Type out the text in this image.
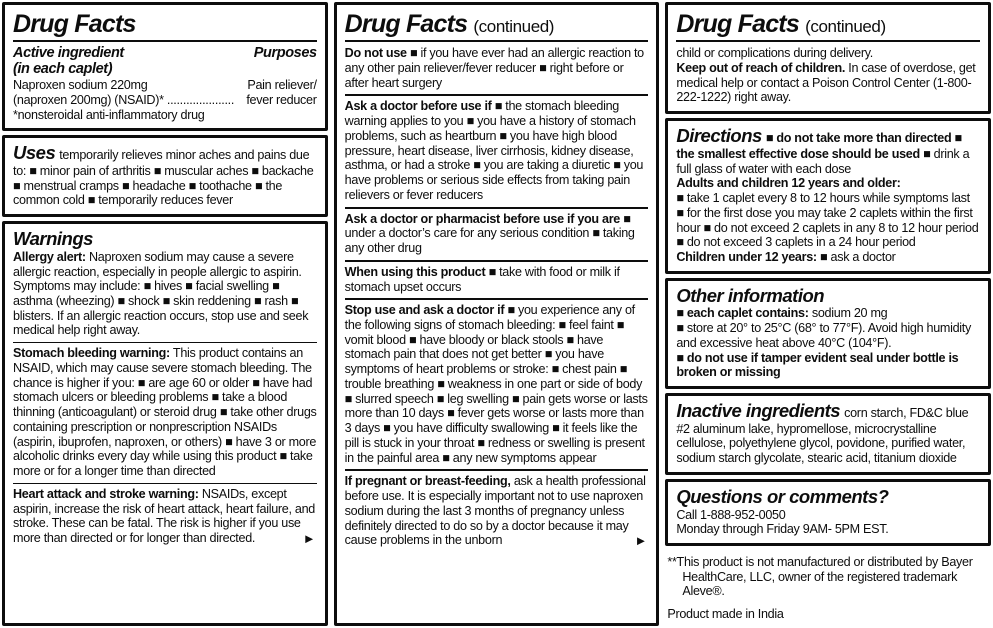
Drug Facts
Active ingredient
(in each caplet)
Purposes
Naproxen sodium 220mg	Pain reliever/
(naproxen 200mg) (NSAID)* ..................... fever reducer
*nonsteroidal anti-inflammatory drug
Uses temporarily relieves minor aches and pains due to: ■ minor pain of arthritis ■ muscular aches ■ backache ■ menstrual cramps ■ headache ■ toothache ■ the common cold ■ temporarily reduces fever
Warnings
Allergy alert: Naproxen sodium may cause a severe allergic reaction, especially in people allergic to aspirin. Symptoms may include: ■ hives ■ facial swelling ■ asthma (wheezing) ■ shock ■ skin reddening ■ rash ■ blisters. If an allergic reaction occurs, stop use and seek medical help right away.
Stomach bleeding warning: This product contains an NSAID, which may cause severe stomach bleeding. The chance is higher if you: ■ are age 60 or older ■ have had stomach ulcers or bleeding problems ■ take a blood thinning (anticoagulant) or steroid drug ■ take other drugs containing prescription or nonprescription NSAIDs (aspirin, ibuprofen, naproxen, or others) ■ have 3 or more alcoholic drinks every day while using this product ■ take more or for a longer time than directed
Heart attack and stroke warning: NSAIDs, except aspirin, increase the risk of heart attack, heart failure, and stroke. These can be fatal. The risk is higher if you use more than directed or for longer than directed.	►
Drug Facts (continued)
Do not use ■ if you have ever had an allergic reaction to any other pain reliever/fever reducer ■ right before or after heart surgery
Ask a doctor before use if ■ the stomach bleeding warning applies to you ■ you have a history of stomach problems, such as heartburn ■ you have high blood pressure, heart disease, liver cirrhosis, kidney disease, asthma, or had a stroke ■ you are taking a diuretic ■ you have problems or serious side effects from taking pain relievers or fever reducers
Ask a doctor or pharmacist before use if you are ■ under a doctor’s care for any serious condition ■ taking any other drug
When using this product ■ take with food or milk if stomach upset occurs
Stop use and ask a doctor if ■ you experience any of the following signs of stomach bleeding: ■ feel faint ■ vomit blood ■ have bloody or black stools ■ have stomach pain that does not get better ■ you have symptoms of heart problems or stroke: ■ chest pain ■ trouble breathing ■ weakness in one part or side of body ■ slurred speech ■ leg swelling ■ pain gets worse or lasts more than 10 days ■ fever gets worse or lasts more than 3 days ■ you have difficulty swallowing ■ it feels like the pill is stuck in your throat ■ redness or swelling is present in the painful area ■ any new symptoms appear
If pregnant or breast-feeding, ask a health professional before use. It is especially important not to use naproxen sodium during the last 3 months of pregnancy unless definitely directed to do so by a doctor because it may cause problems in the unborn	►
Drug Facts (continued)
child or complications during delivery.
Keep out of reach of children. In case of overdose, get medical help or contact a Poison Control Center (1-800-222-1222) right away.
Directions ■ do not take more than directed ■ the smallest effective dose should be used ■ drink a full glass of water with each dose
Adults and children 12 years and older:
■ take 1 caplet every 8 to 12 hours while symptoms last ■ for the first dose you may take 2 caplets within the first hour ■ do not exceed 2 caplets in any 8 to 12 hour period ■ do not exceed 3 caplets in a 24 hour period
Children under 12 years: ■ ask a doctor
Other information
■ each caplet contains: sodium 20 mg
■ store at 20° to 25°C (68° to 77°F). Avoid high humidity and excessive heat above 40°C (104°F).
■ do not use if tamper evident seal under bottle is broken or missing
Inactive ingredients corn starch, FD&C blue #2 aluminum lake, hypromellose, microcrystalline cellulose, polyethylene glycol, povidone, purified water, sodium starch glycolate, stearic acid, titanium dioxide
Questions or comments?
Call 1-888-952-0050
Monday through Friday 9AM- 5PM EST.
**This product is not manufactured or distributed by Bayer HealthCare, LLC, owner of the registered trademark Aleve®.
Product made in India
